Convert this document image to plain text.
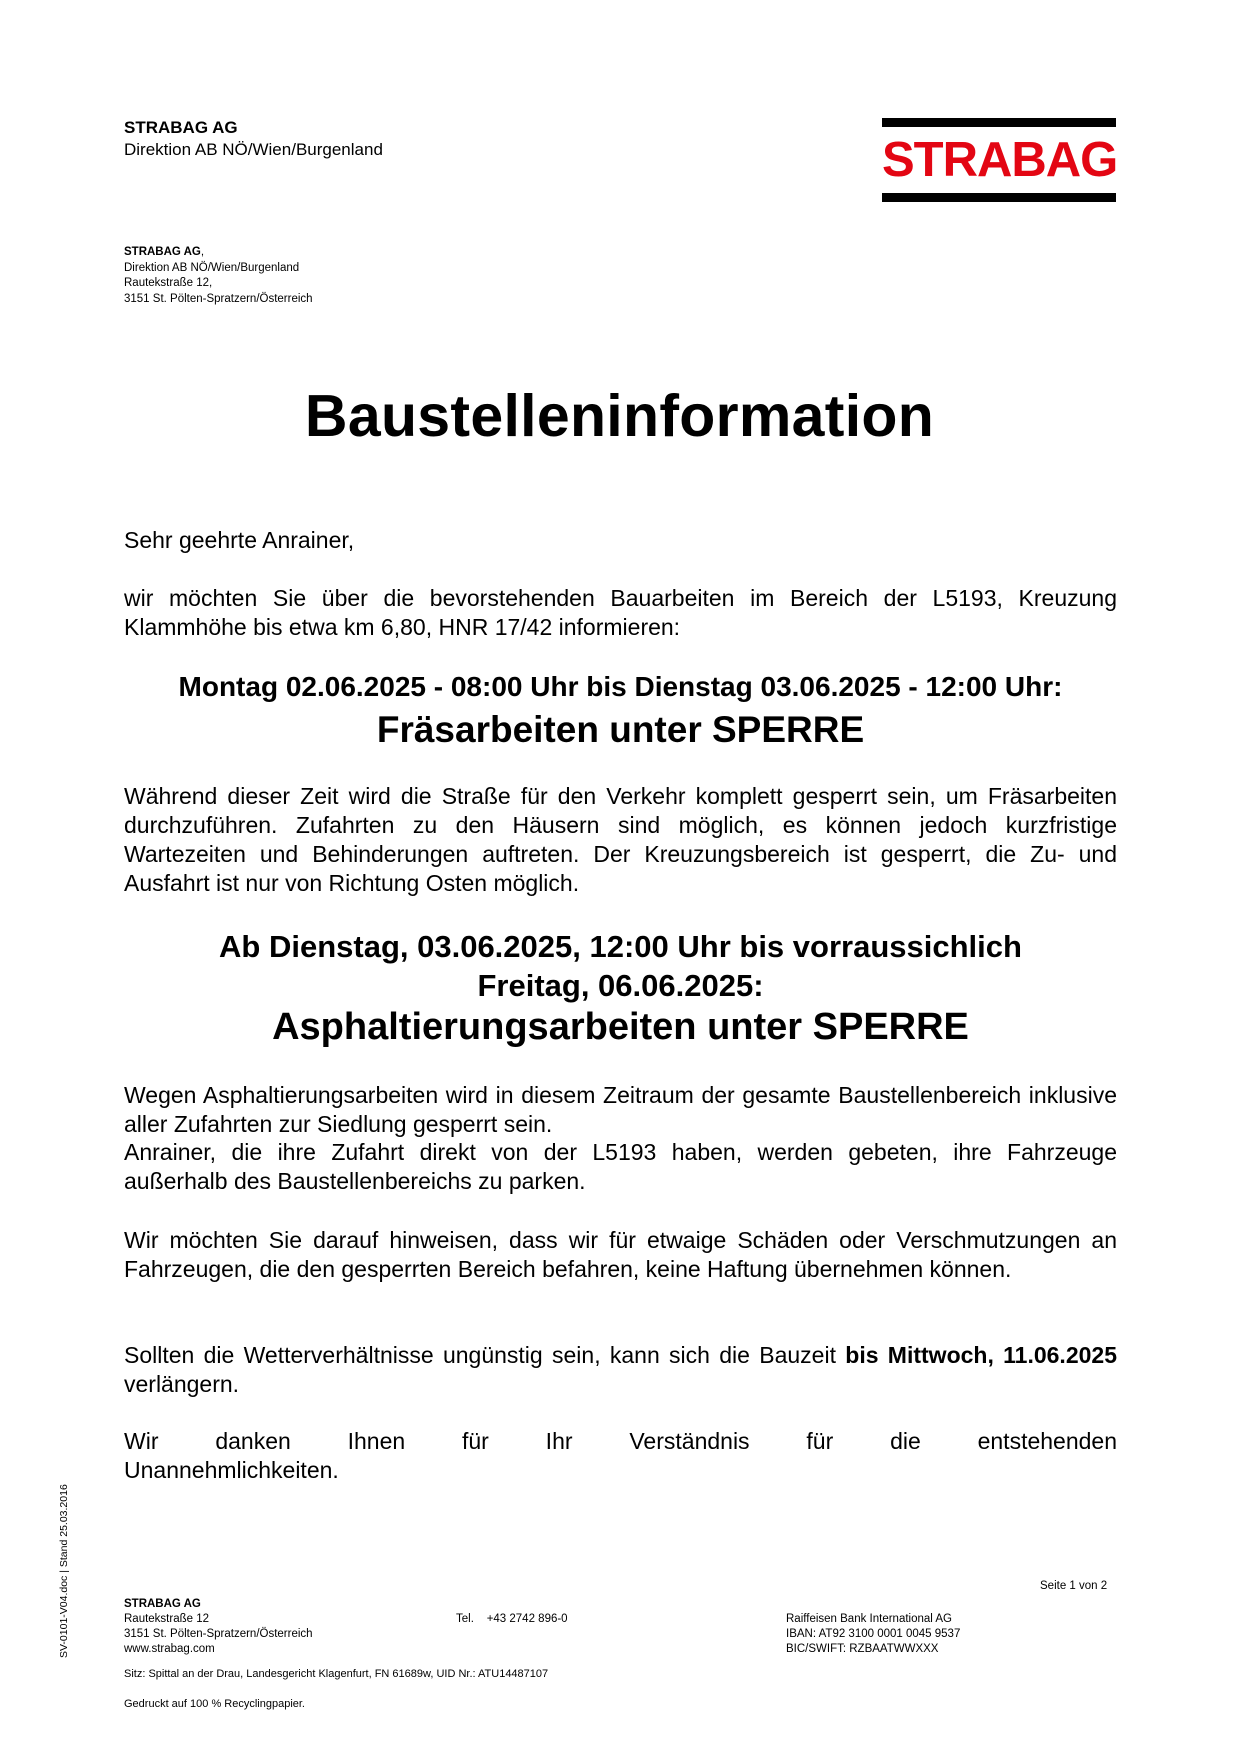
STRABAG AG
Direktion AB NÖ/Wien/Burgenland	STRABAG
STRABAG AG,
Direktion AB NÖ/Wien/Burgenland
Rautekstraße 12,
3151 St. Pölten-Spratzern/Österreich
Baustelleninformation
Sehr geehrte Anrainer,
wir möchten Sie über die bevorstehenden Bauarbeiten im Bereich der L5193, Kreuzung Klammhöhe bis etwa km 6,80, HNR 17/42 informieren:
Montag 02.06.2025 - 08:00 Uhr bis Dienstag 03.06.2025 - 12:00 Uhr:
Fräsarbeiten unter SPERRE
Während dieser Zeit wird die Straße für den Verkehr komplett gesperrt sein, um Fräsarbeiten durchzuführen. Zufahrten zu den Häusern sind möglich, es können jedoch kurzfristige Wartezeiten und Behinderungen auftreten. Der Kreuzungsbereich ist gesperrt, die Zu- und Ausfahrt ist nur von Richtung Osten möglich.
Ab Dienstag, 03.06.2025, 12:00 Uhr bis vorraussichlich
Freitag, 06.06.2025:
Asphaltierungsarbeiten unter SPERRE
Wegen Asphaltierungsarbeiten wird in diesem Zeitraum der gesamte Baustellenbereich inklusive aller Zufahrten zur Siedlung gesperrt sein.
Anrainer, die ihre Zufahrt direkt von der L5193 haben, werden gebeten, ihre Fahrzeuge außerhalb des Baustellenbereichs zu parken.
Wir möchten Sie darauf hinweisen, dass wir für etwaige Schäden oder Verschmutzungen an Fahrzeugen, die den gesperrten Bereich befahren, keine Haftung übernehmen können.
Sollten die Wetterverhältnisse ungünstig sein, kann sich die Bauzeit bis Mittwoch, 11.06.2025 verlängern.
Wir danken Ihnen für Ihr Verständnis für die entstehenden
Unannehmlichkeiten.
SV-0101-V04.doc | Stand 25.03.2016	Seite 1 von 2
STRABAG AG
Rautekstraße 12
3151 St. Pölten-Spratzern/Österreich
www.strabag.com
Tel. +43 2742 896-0	Raiffeisen Bank International AG
IBAN: AT92 3100 0001 0045 9537
BIC/SWIFT: RZBAATWWXXX
Sitz: Spittal an der Drau, Landesgericht Klagenfurt, FN 61689w, UID Nr.: ATU14487107
Gedruckt auf 100 % Recyclingpapier.
